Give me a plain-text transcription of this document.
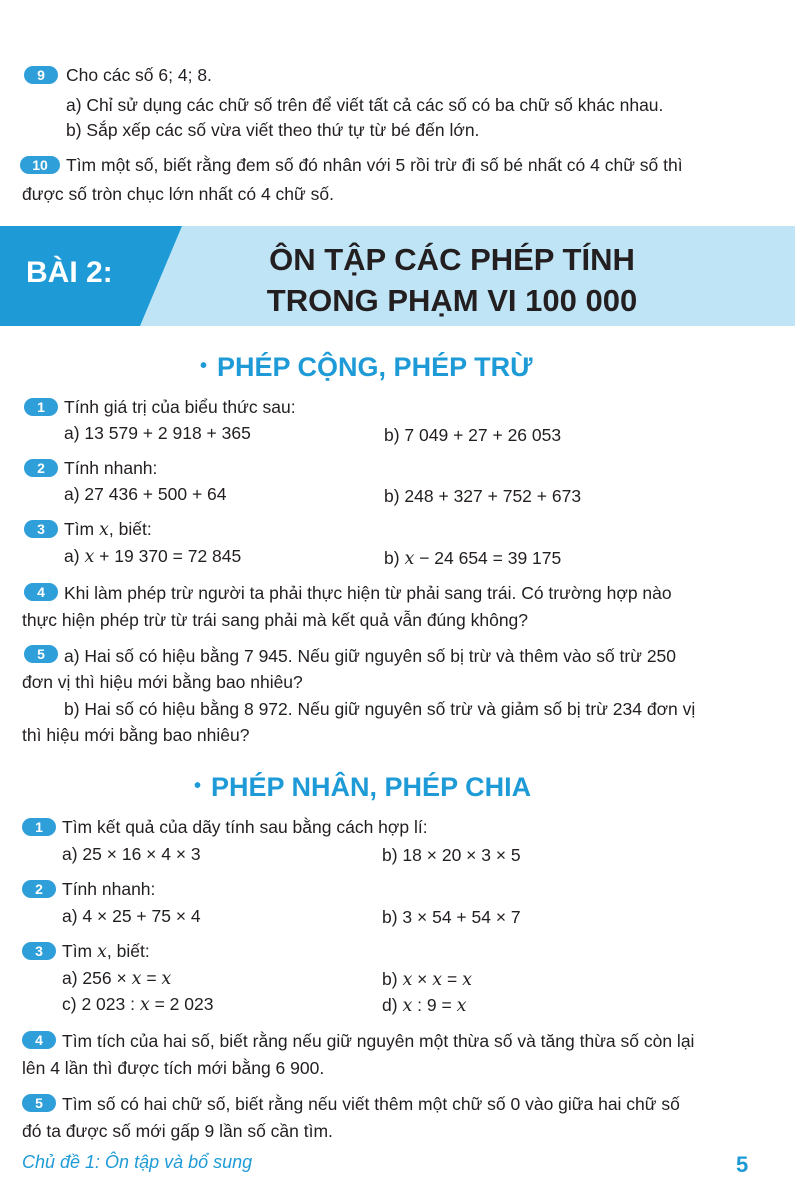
9	Cho các số 6; 4; 8.
a) Chỉ sử dụng các chữ số trên để viết tất cả các số có ba chữ số khác nhau.
b) Sắp xếp các số vừa viết theo thứ tự từ bé đến lớn.
10	Tìm một số, biết rằng đem số đó nhân với 5 rồi trừ đi số bé nhất có 4 chữ số thì
được số tròn chục lớn nhất có 4 chữ số.
BÀI 2:	ÔN TẬP CÁC PHÉP TÍNH
TRONG PHẠM VI 100 000
• PHÉP CỘNG, PHÉP TRỪ
1	Tính giá trị của biểu thức sau:
a) 13 579 + 2 918 + 365	b) 7 049 + 27 + 26 053
2	Tính nhanh:
a) 27 436 + 500 + 64	b) 248 + 327 + 752 + 673
3	Tìm x, biết:
a) x + 19 370 = 72 845	b) x − 24 654 = 39 175
4	Khi làm phép trừ người ta phải thực hiện từ phải sang trái. Có trường hợp nào
thực hiện phép trừ từ trái sang phải mà kết quả vẫn đúng không?
5	a) Hai số có hiệu bằng 7 945. Nếu giữ nguyên số bị trừ và thêm vào số trừ 250
đơn vị thì hiệu mới bằng bao nhiêu?
b) Hai số có hiệu bằng 8 972. Nếu giữ nguyên số trừ và giảm số bị trừ 234 đơn vị
thì hiệu mới bằng bao nhiêu?
• PHÉP NHÂN, PHÉP CHIA
1	Tìm kết quả của dãy tính sau bằng cách hợp lí:
a) 25 × 16 × 4 × 3	b) 18 × 20 × 3 × 5
2	Tính nhanh:
a) 4 × 25 + 75 × 4	b) 3 × 54 + 54 × 7
3	Tìm x, biết:
a) 256 × x = x	b) x × x = x
c) 2 023 : x = 2 023	d) x : 9 = x
4	Tìm tích của hai số, biết rằng nếu giữ nguyên một thừa số và tăng thừa số còn lại
lên 4 lần thì được tích mới bằng 6 900.
5	Tìm số có hai chữ số, biết rằng nếu viết thêm một chữ số 0 vào giữa hai chữ số
đó ta được số mới gấp 9 lần số cần tìm.
Chủ đề 1: Ôn tập và bổ sung	5
